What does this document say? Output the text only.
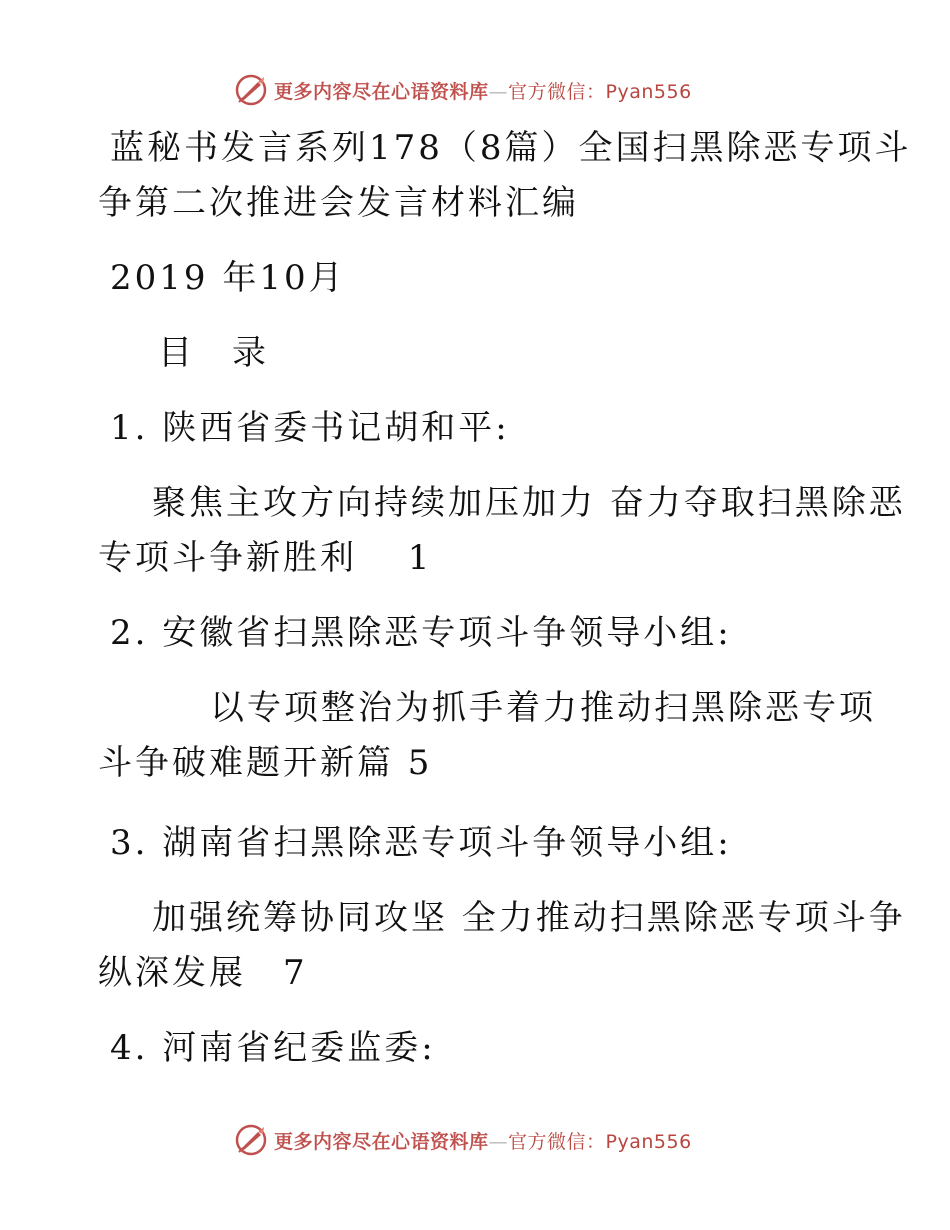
更多内容尽在心语资料库—官方微信：Pyan556
蓝秘书发言系列178（8篇）全国扫黑除恶专项斗
争第二次推进会发言材料汇编
2019 年10月
目　录
1. 陕西省委书记胡和平:
聚焦主攻方向持续加压加力 奋力夺取扫黑除恶
专项斗争新胜利　 1
2. 安徽省扫黑除恶专项斗争领导小组:
以专项整治为抓手着力推动扫黑除恶专项
斗争破难题开新篇 5
3. 湖南省扫黑除恶专项斗争领导小组:
加强统筹协同攻坚 全力推动扫黑除恶专项斗争
纵深发展　7
4. 河南省纪委监委:
更多内容尽在心语资料库—官方微信：Pyan556
